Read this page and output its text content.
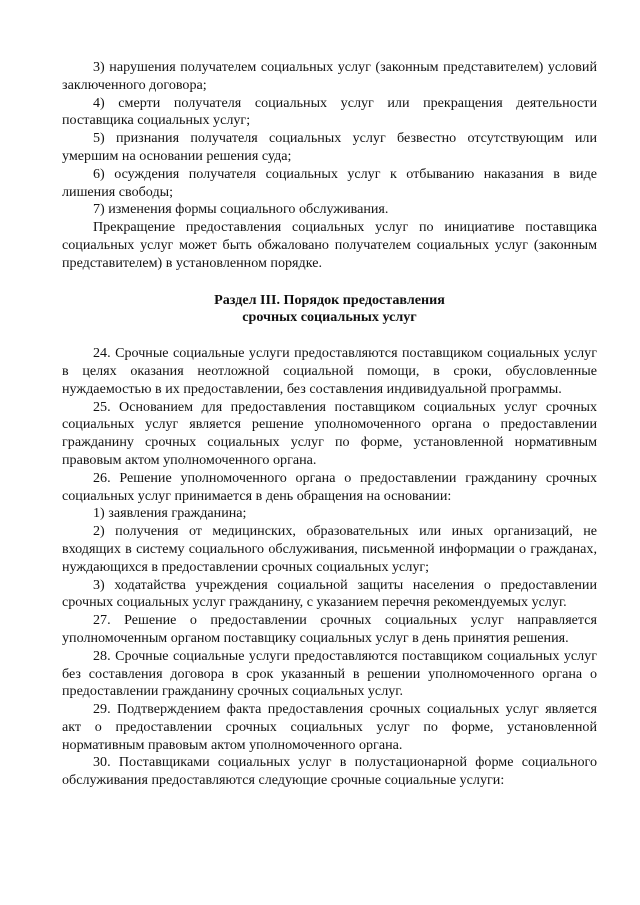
3) нарушения получателем социальных услуг (законным представителем) условий заключенного договора;

4) смерти получателя социальных услуг или прекращения деятельности поставщика социальных услуг;

5) признания получателя социальных услуг безвестно отсутствующим или умершим на основании решения суда;

6) осуждения получателя социальных услуг к отбыванию наказания в виде лишения свободы;

7) изменения формы социального обслуживания.

Прекращение предоставления социальных услуг по инициативе поставщика социальных услуг может быть обжаловано получателем социальных услуг (законным представителем) в установленном порядке.

Раздел III. Порядок предоставления

срочных социальных услуг

24. Срочные социальные услуги предоставляются поставщиком социальных услуг в целях оказания неотложной социальной помощи, в сроки, обусловленные нуждаемостью в их предоставлении, без составления индивидуальной программы.

25. Основанием для предоставления поставщиком социальных услуг срочных социальных услуг является решение уполномоченного органа о предоставлении гражданину срочных социальных услуг по форме, установленной нормативным правовым актом уполномоченного органа.

26. Решение уполномоченного органа о предоставлении гражданину срочных социальных услуг принимается в день обращения на основании:

1) заявления гражданина;

2) получения от медицинских, образовательных или иных организаций, не входящих в систему социального обслуживания, письменной информации о гражданах, нуждающихся в предоставлении срочных социальных услуг;

3) ходатайства учреждения социальной защиты населения о предоставлении срочных социальных услуг гражданину, с указанием перечня рекомендуемых услуг.

27. Решение о предоставлении срочных социальных услуг направляется уполномоченным органом поставщику социальных услуг в день принятия решения.

28. Срочные социальные услуги предоставляются поставщиком социальных услуг без составления договора в срок указанный в решении уполномоченного органа о предоставлении гражданину срочных социальных услуг.

29. Подтверждением факта предоставления срочных социальных услуг является акт о предоставлении срочных социальных услуг по форме, установленной нормативным правовым актом уполномоченного органа.

30. Поставщиками социальных услуг в полустационарной форме социального обслуживания предоставляются следующие срочные социальные услуги:
